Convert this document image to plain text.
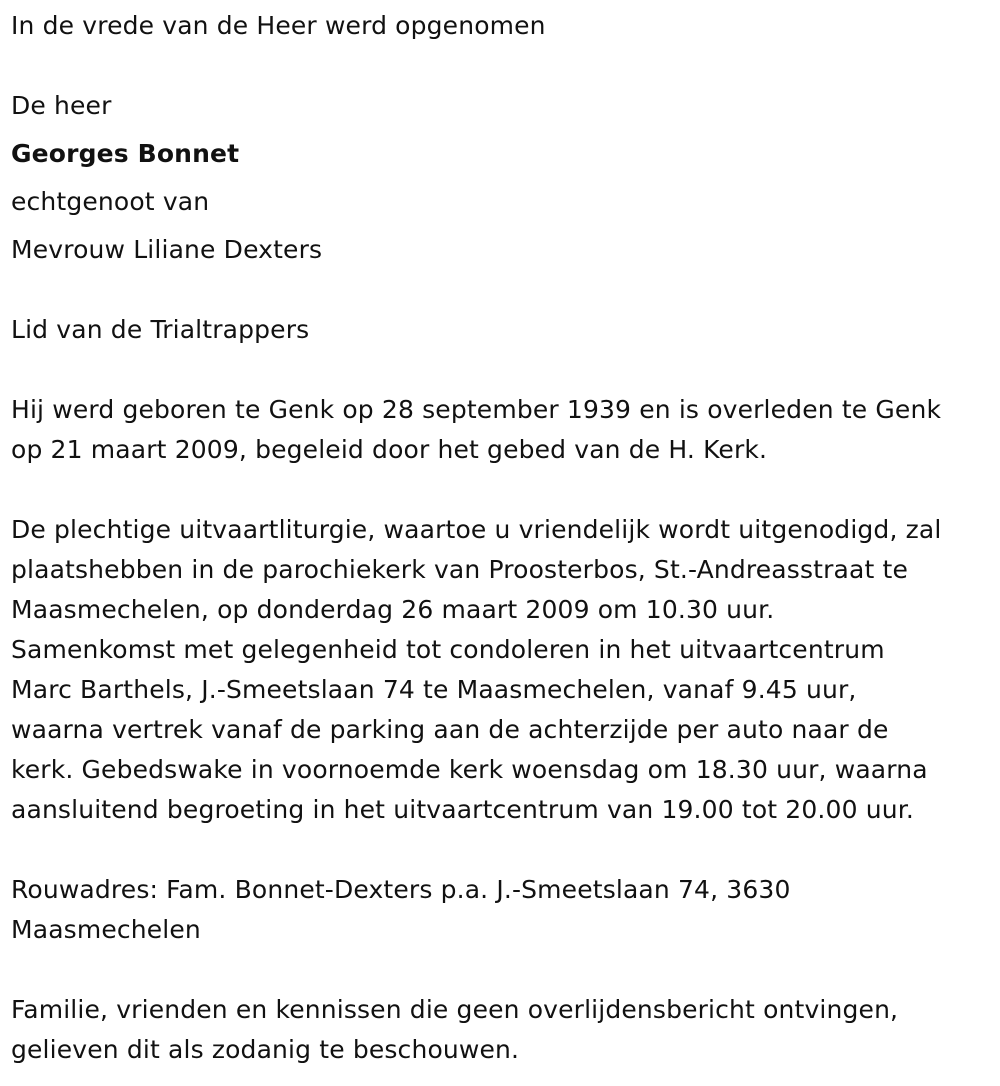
In de vrede van de Heer werd opgenomen

De heer

Georges Bonnet

echtgenoot van

Mevrouw Liliane Dexters

Lid van de Trialtrappers

Hij werd geboren te Genk op 28 september 1939 en is overleden te Genk

op 21 maart 2009, begeleid door het gebed van de H. Kerk.

De plechtige uitvaartliturgie, waartoe u vriendelijk wordt uitgenodigd, zal

plaatshebben in de parochiekerk van Proosterbos, St.-Andreasstraat te

Maasmechelen, op donderdag 26 maart 2009 om 10.30 uur.

Samenkomst met gelegenheid tot condoleren in het uitvaartcentrum

Marc Barthels, J.-Smeetslaan 74 te Maasmechelen, vanaf 9.45 uur,

waarna vertrek vanaf de parking aan de achterzijde per auto naar de

kerk. Gebedswake in voornoemde kerk woensdag om 18.30 uur, waarna

aansluitend begroeting in het uitvaartcentrum van 19.00 tot 20.00 uur.

Rouwadres: Fam. Bonnet-Dexters p.a. J.-Smeetslaan 74, 3630

Maasmechelen

Familie, vrienden en kennissen die geen overlijdensbericht ontvingen,

gelieven dit als zodanig te beschouwen.
